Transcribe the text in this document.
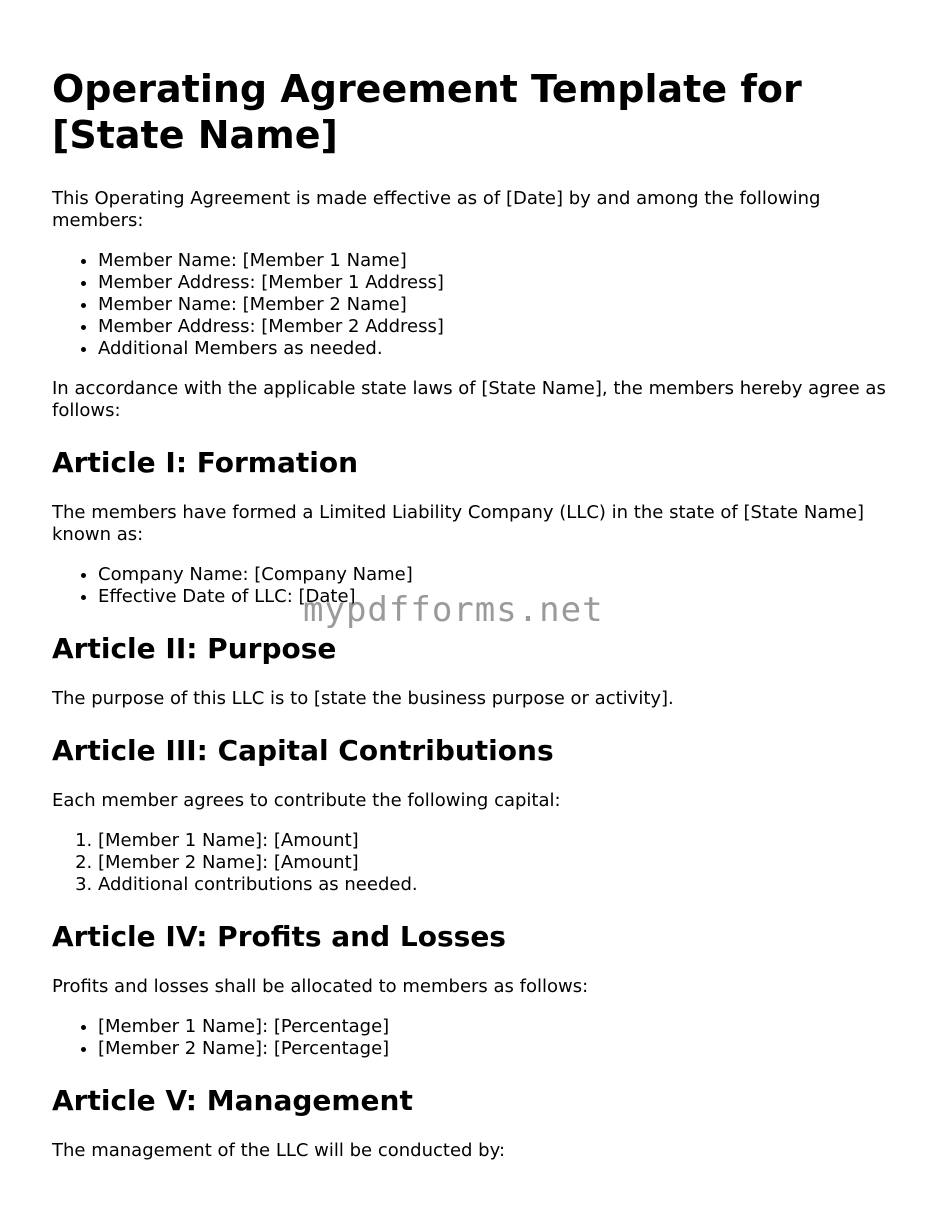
Operating Agreement Template for [State Name]

This Operating Agreement is made effective as of [Date] by and among the following members:

• Member Name: [Member 1 Name]
• Member Address: [Member 1 Address]
• Member Name: [Member 2 Name]
• Member Address: [Member 2 Address]
• Additional Members as needed.

In accordance with the applicable state laws of [State Name], the members hereby agree as follows:

Article I: Formation

The members have formed a Limited Liability Company (LLC) in the state of [State Name] known as:

• Company Name: [Company Name]
• Effective Date of LLC: [Date]
Article II: Purpose

The purpose of this LLC is to [state the business purpose or activity].

Article III: Capital Contributions

Each member agrees to contribute the following capital:

1. [Member 1 Name]: [Amount]
2. [Member 2 Name]: [Amount]
3. Additional contributions as needed.
Article IV: Profits and Losses

Profits and losses shall be allocated to members as follows:

• [Member 1 Name]: [Percentage]
• [Member 2 Name]: [Percentage]
Article V: Management

The management of the LLC will be conducted by:

mypdfforms.net
